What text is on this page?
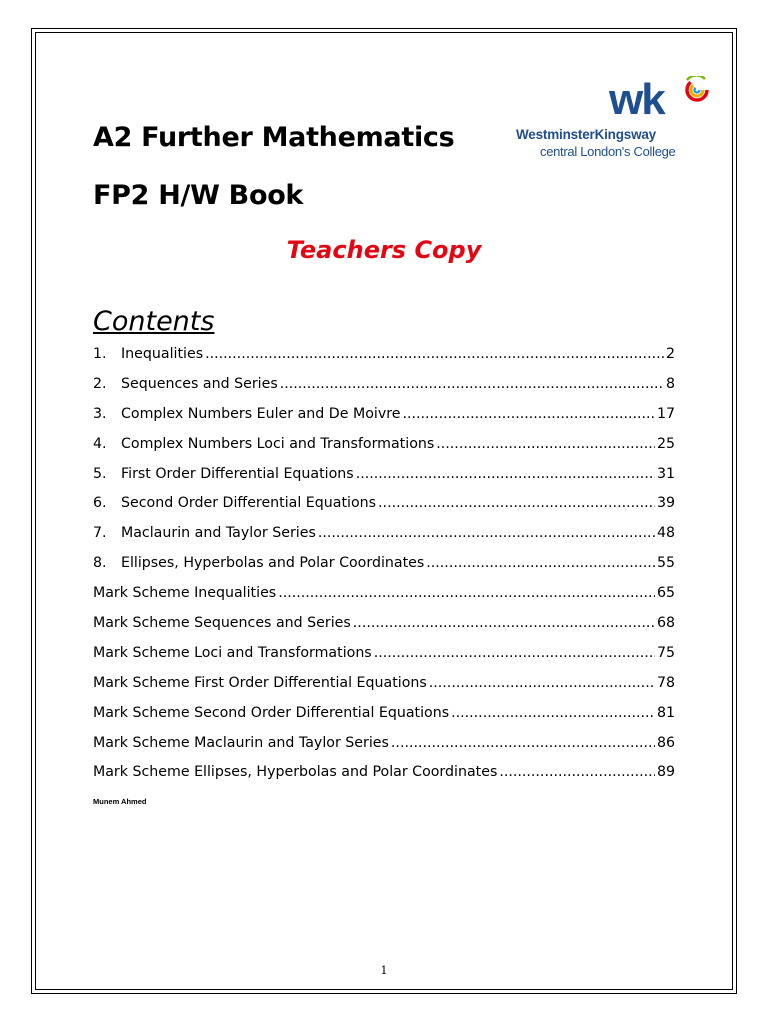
A2 Further Mathematics
FP2 H/W Book
Teachers Copy
wk
WestminsterKingsway
central London's College
Contents
1.	Inequalities .....	2
2.	Sequences and Series .....	8
3.	Complex Numbers Euler and De Moivre .....	17
4.	Complex Numbers Loci and Transformations .....	25
5.	First Order Differential Equations .....	31
6.	Second Order Differential Equations .....	39
7.	Maclaurin and Taylor Series .....	48
8.	Ellipses, Hyperbolas and Polar Coordinates .....	55
Mark Scheme Inequalities .....	65
Mark Scheme Sequences and Series .....	68
Mark Scheme Loci and Transformations .....	75
Mark Scheme First Order Differential Equations .....	78
Mark Scheme Second Order Differential Equations .....	81
Mark Scheme Maclaurin and Taylor Series .....	86
Mark Scheme Ellipses, Hyperbolas and Polar Coordinates .....	89
Munem Ahmed
1
